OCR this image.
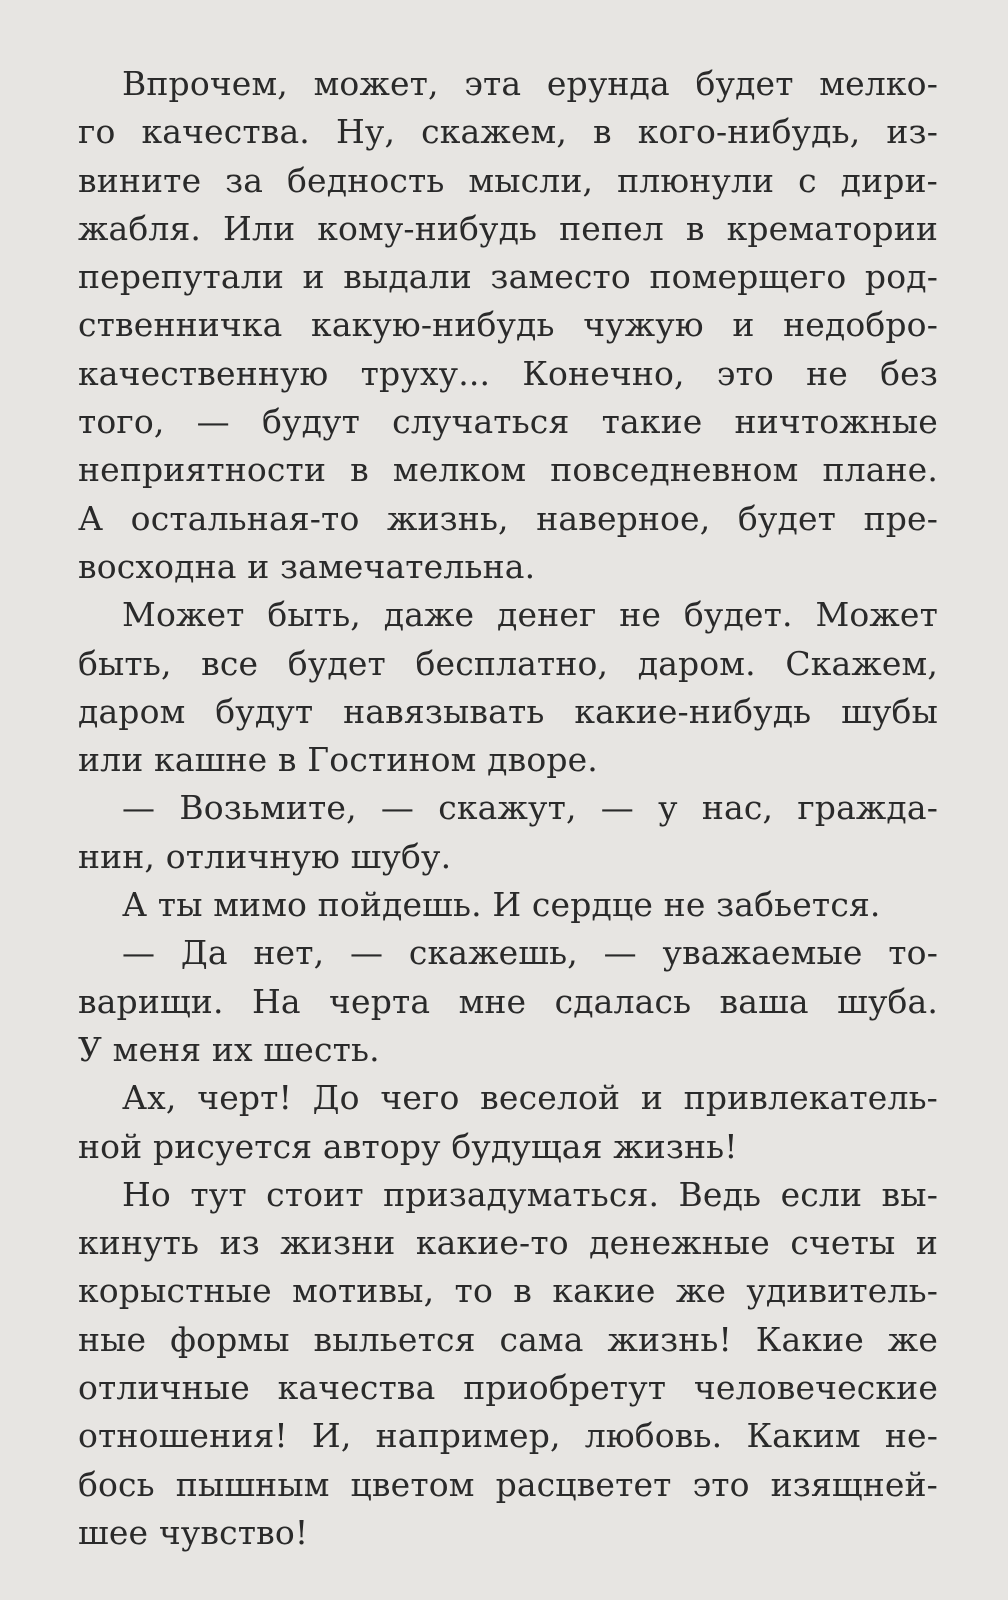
Впрочем, может, эта ерунда будет мелко-
го качества. Ну, скажем, в кого-нибудь, из-
вините за бедность мысли, плюнули с дири-
жабля. Или кому-нибудь пепел в крематории
перепутали и выдали заместо померщего род-
ственничка какую-нибудь чужую и недобро-
качественную труху... Конечно, это не без
того, — будут случаться такие ничтожные
неприятности в мелком повседневном плане.
А остальная-то жизнь, наверное, будет пре-
восходна и замечательна.
Может быть, даже денег не будет. Может
быть, все будет бесплатно, даром. Скажем,
даром будут навязывать какие-нибудь шубы
или кашне в Гостином дворе.
— Возьмите, — скажут, — у нас, гражда-
нин, отличную шубу.
А ты мимо пойдешь. И сердце не забьется.
— Да нет, — скажешь, — уважаемые то-
варищи. На черта мне сдалась ваша шуба.
У меня их шесть.
Ах, черт! До чего веселой и привлекатель-
ной рисуется автору будущая жизнь!
Но тут стоит призадуматься. Ведь если вы-
кинуть из жизни какие-то денежные счеты и
корыстные мотивы, то в какие же удивитель-
ные формы выльется сама жизнь! Какие же
отличные качества приобретут человеческие
отношения! И, например, любовь. Каким не-
бось пышным цветом расцветет это изящней-
шее чувство!
